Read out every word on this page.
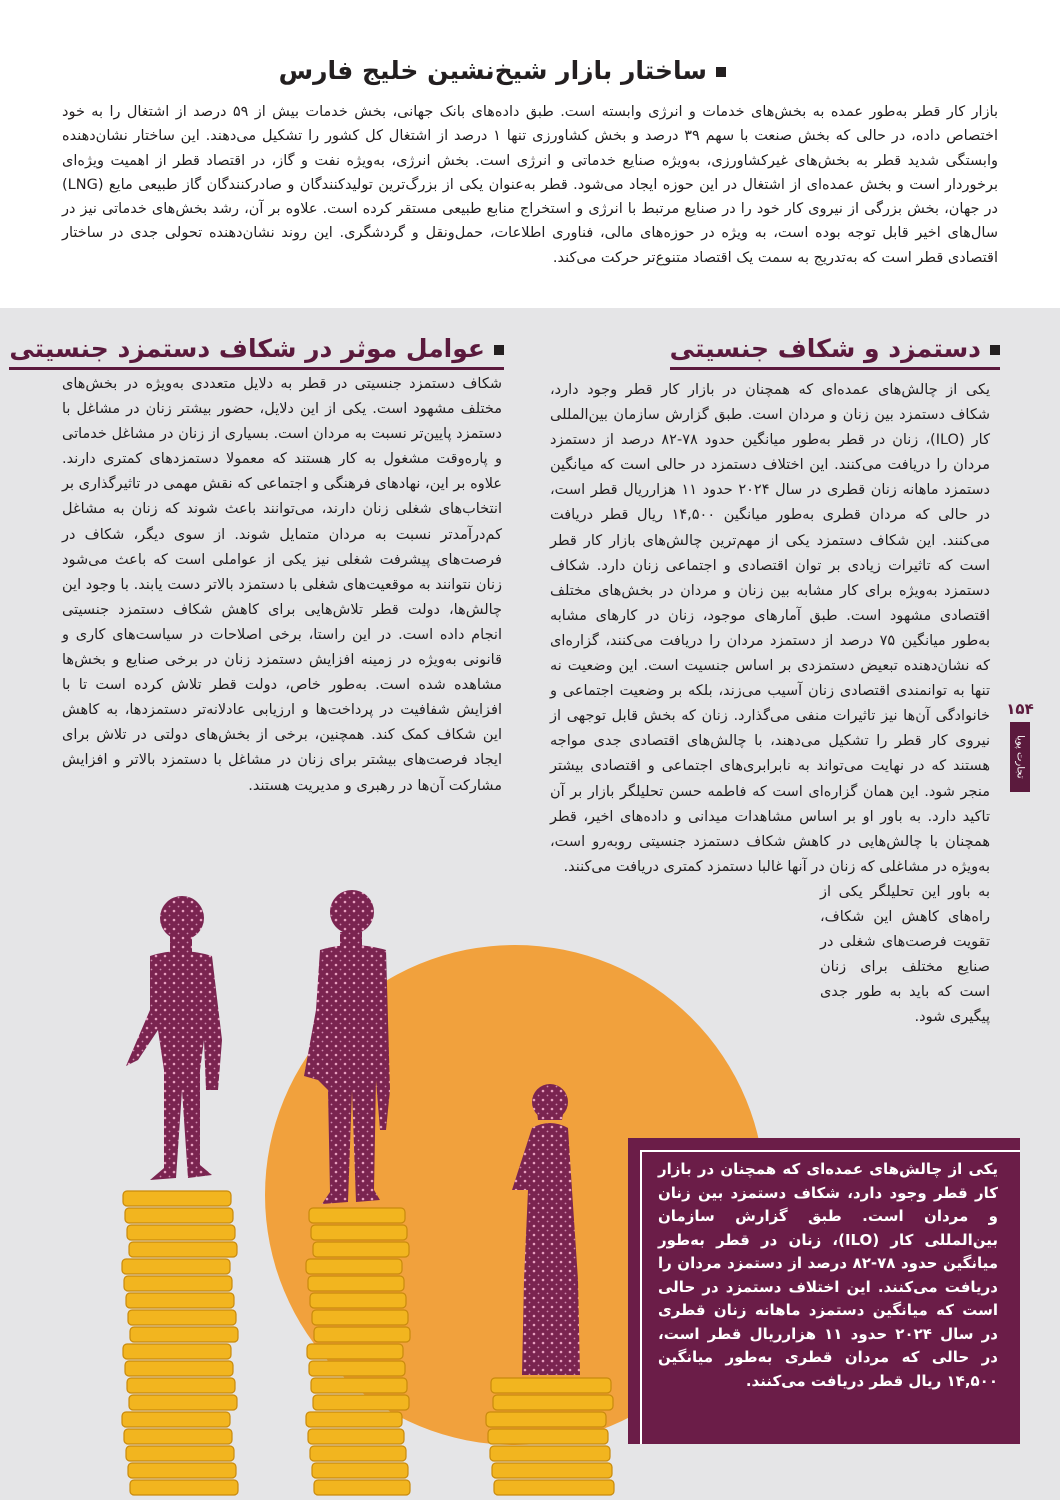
ساختار بازار شیخ‌نشین خلیج فارس

بازار کار قطر به‌طور عمده به بخش‌های خدمات و انرژی وابسته است. طبق داده‌های بانک جهانی، بخش خدمات بیش از ۵۹ درصد از اشتغال را به خود اختصاص داده، در حالی که بخش صنعت با سهم ۳۹ درصد و بخش کشاورزی تنها ۱ درصد از اشتغال کل کشور را تشکیل می‌دهند. این ساختار نشان‌دهنده وابستگی شدید قطر به بخش‌های غیرکشاورزی، به‌ویژه صنایع خدماتی و انرژی است. بخش انرژی، به‌ویژه نفت و گاز، در اقتصاد قطر از اهمیت ویژه‌ای برخوردار است و بخش عمده‌ای از اشتغال در این حوزه ایجاد می‌شود. قطر به‌عنوان یکی از بزرگ‌ترین تولیدکنندگان و صادرکنندگان گاز طبیعی مایع (LNG) در جهان، بخش بزرگی از نیروی کار خود را در صنایع مرتبط با انرژی و استخراج منابع طبیعی مستقر کرده است. علاوه بر آن، رشد بخش‌های خدماتی نیز در سال‌های اخیر قابل توجه بوده است، به ویژه در حوزه‌های مالی، فناوری اطلاعات، حمل‌ونقل و گردشگری. این روند نشان‌دهنده تحولی جدی در ساختار اقتصادی قطر است که به‌تدریج به سمت یک اقتصاد متنوع‌تر حرکت می‌کند.

دستمزد و شکاف جنسیتی
عوامل موثر در شکاف دستمزد جنسیتی

یکی از چالش‌های عمده‌ای که همچنان در بازار کار قطر وجود دارد، شکاف دستمزد بین زنان و مردان است. طبق گزارش سازمان بین‌المللی کار (ILO)، زنان در قطر به‌طور میانگین حدود ۷۸-۸۲ درصد از دستمزد مردان را دریافت می‌کنند. این اختلاف دستمزد در حالی است که میانگین دستمزد ماهانه زنان قطری در سال ۲۰۲۴ حدود ۱۱ هزارریال قطر است، در حالی که مردان قطری به‌طور میانگین ۱۴,۵۰۰ ریال قطر دریافت می‌کنند. این شکاف دستمزد یکی از مهم‌ترین چالش‌های بازار کار قطر است که تاثیرات زیادی بر توان اقتصادی و اجتماعی زنان دارد. شکاف دستمزد به‌ویژه برای کار مشابه بین زنان و مردان در بخش‌های مختلف اقتصادی مشهود است. طبق آمارهای موجود، زنان در کارهای مشابه به‌طور میانگین ۷۵ درصد از دستمزد مردان را دریافت می‌کنند، گزاره‌ای که نشان‌دهنده تبعیض دستمزدی بر اساس جنسیت است. این وضعیت نه تنها به توانمندی اقتصادی زنان آسیب می‌زند، بلکه بر وضعیت اجتماعی و خانوادگی آن‌ها نیز تاثیرات منفی می‌گذارد. زنان که بخش قابل توجهی از نیروی کار قطر را تشکیل می‌دهند، با چالش‌های اقتصادی جدی مواجه هستند که در نهایت می‌تواند به نابرابری‌های اجتماعی و اقتصادی بیشتر منجر شود. این همان گزاره‌ای است که فاطمه حسن تحلیلگر بازار بر آن تاکید دارد. به باور او بر اساس مشاهدات میدانی و داده‌های اخیر، قطر همچنان با چالش‌هایی در کاهش شکاف دستمزد جنسیتی روبه‌رو است، به‌ویژه در مشاغلی که زنان در آنها غالبا دستمزد کمتری دریافت می‌کنند.
به باور این تحلیلگر یکی از راه‌های کاهش این شکاف، تقویت فرصت‌های شغلی در صنایع مختلف برای زنان است که باید به طور جدی پیگیری شود.

شکاف دستمزد جنسیتی در قطر به دلایل متعددی به‌ویژه در بخش‌های مختلف مشهود است. یکی از این دلایل، حضور بیشتر زنان در مشاغل با دستمزد پایین‌تر نسبت به مردان است. بسیاری از زنان در مشاغل خدماتی و پاره‌وقت مشغول به کار هستند که معمولا دستمزدهای کمتری دارند. علاوه بر این، نهادهای فرهنگی و اجتماعی که نقش مهمی در تاثیرگذاری بر انتخاب‌های شغلی زنان دارند، می‌توانند باعث شوند که زنان به مشاغل کم‌درآمدتر نسبت به مردان متمایل شوند. از سوی دیگر، شکاف در فرصت‌های پیشرفت شغلی نیز یکی از عواملی است که باعث می‌شود زنان نتوانند به موقعیت‌های شغلی با دستمزد بالاتر دست یابند. با وجود این چالش‌ها، دولت قطر تلاش‌هایی برای کاهش شکاف دستمزد جنسیتی انجام داده است. در این راستا، برخی اصلاحات در سیاست‌های کاری و قانونی به‌ویژه در زمینه افزایش دستمزد زنان در برخی صنایع و بخش‌ها مشاهده شده است. به‌طور خاص، دولت قطر تلاش کرده است تا با افزایش شفافیت در پرداخت‌ها و ارزیابی عادلانه‌تر دستمزدها، به کاهش این شکاف کمک کند. همچنین، برخی از بخش‌های دولتی در تلاش برای ایجاد فرصت‌های بیشتر برای زنان در مشاغل با دستمزد بالاتر و افزایش مشارکت آن‌ها در رهبری و مدیریت هستند.

۱۵۴
تجارت پویا

یکی از چالش‌های عمده‌ای که همچنان در بازار کار قطر وجود دارد، شکاف دستمزد بین زنان و مردان است. طبق گزارش سازمان بین‌المللی کار (ILO)، زنان در قطر به‌طور میانگین حدود ۷۸-۸۲ درصد از دستمزد مردان را دریافت می‌کنند. این اختلاف دستمزد در حالی است که میانگین دستمزد ماهانه زنان قطری در سال ۲۰۲۴ حدود ۱۱ هزارریال قطر است، در حالی که مردان قطری به‌طور میانگین ۱۴,۵۰۰ ریال قطر دریافت می‌کنند.
